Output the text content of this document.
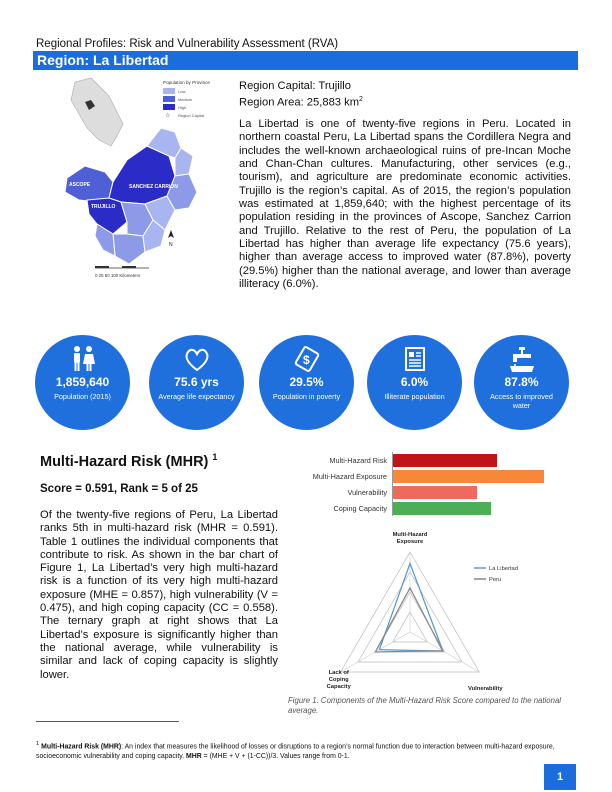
Regional Profiles: Risk and Vulnerability Assessment (RVA)
Region: La Libertad
Population by Province
Low
Medium
High
☆ Region Capital
ASCOPE	SANCHEZ CARRION
TRUJILLO
N
0 25 50 100 Kilometers
Region Capital: Trujillo
Region Area: 25,883 $km^2$
La Libertad is one of twenty-five regions in Peru. Located in northern coastal Peru, La Libertad spans the Cordillera Negra and includes the well-known archaeological ruins of pre-Incan Moche and Chan-Chan cultures. Manufacturing, other services (e.g., tourism), and agriculture are predominate economic activities. Trujillo is the region’s capital. As of 2015, the region’s population was estimated at 1,859,640; with the highest percentage of its population residing in the provinces of Ascope, Sanchez Carrion and Trujillo. Relative to the rest of Peru, the population of La Libertad has higher than average life expectancy (75.6 years), higher than average access to improved water (87.8%), poverty (29.5%) higher than the national average, and lower than average illiteracy (6.0%).
1,859,640
Population (2015)
75.6 yrs
Average life expectancy
$
29.5%
Population in poverty
6.0%
Illiterate population
87.8%
Access to improved water
Multi-Hazard Risk (MHR) $^1$
Score = 0.591, Rank = 5 of 25
Of the twenty-five regions of Peru, La Libertad ranks 5th in multi-hazard risk (MHR = 0.591). Table 1 outlines the individual components that contribute to risk. As shown in the bar chart of Figure 1, La Libertad’s very high multi-hazard risk is a function of its very high multi-hazard exposure (MHE = 0.857), high vulnerability (V = 0.475), and high coping capacity (CC = 0.558). The ternary graph at right shows that La Libertad’s exposure is significantly higher than the national average, while vulnerability is similar and lack of coping capacity is slightly lower.
Multi-Hazard Risk
Multi-Hazard Exposure
Vulnerability
Coping Capacity
Multi-Hazard
Exposure
Vulnerability
Lack of
Coping
Capacity
La Libertad
Peru
Figure 1. Components of the Multi-Hazard Risk Score compared to the national average.
$^1$ Multi-Hazard Risk (MHR): An index that measures the likelihood of losses or disruptions to a region’s normal function due to interaction between multi-hazard exposure, socioeconomic vulnerability and coping capacity. MHR = (MHE + V + (1-CC))/3. Values range from 0-1.
1
